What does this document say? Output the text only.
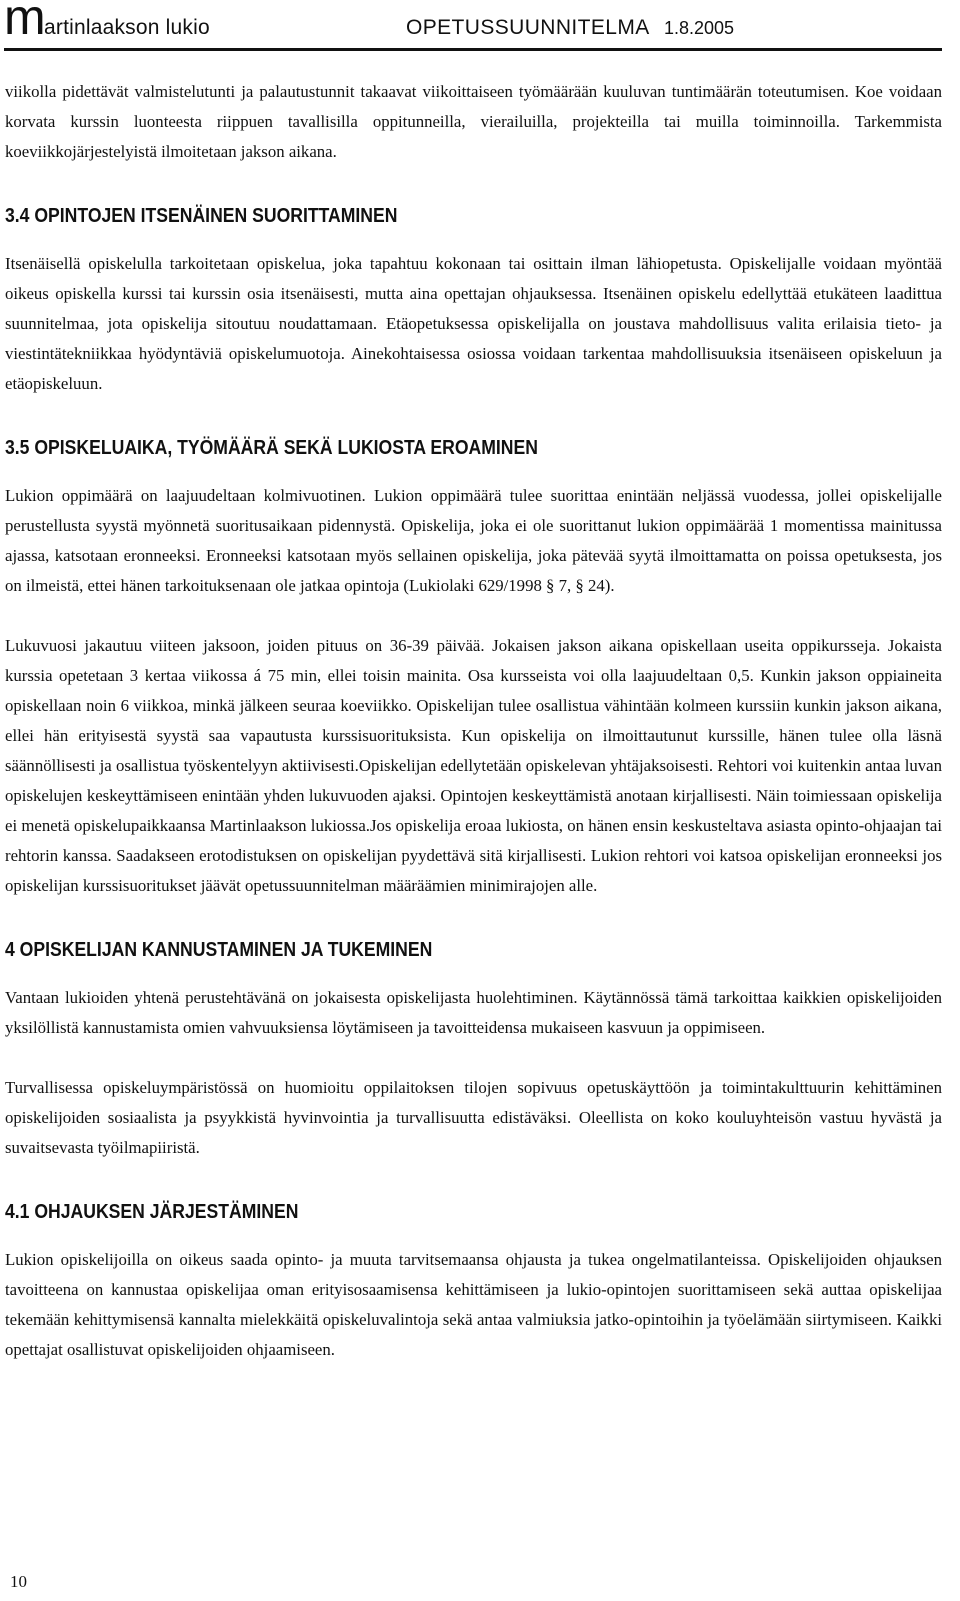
m
artinlaakson lukio	OPETUSSUUNNITELMA 1.8.2005

viikolla pidettävät valmistelutunti ja palautustunnit takaavat viikoittaiseen työmäärään kuuluvan tuntimäärän toteutumisen. Koe voidaan korvata kurssin luonteesta riippuen tavallisilla oppitunneilla, vierailuilla, projekteilla tai muilla toiminnoilla. Tarkemmista koeviikkojärjestelyistä ilmoitetaan jakson aikana.

3.4 OPINTOJEN ITSENÄINEN SUORITTAMINEN

Itsenäisellä opiskelulla tarkoitetaan opiskelua, joka tapahtuu kokonaan tai osittain ilman lähiopetusta. Opiskelijalle voidaan myöntää oikeus opiskella kurssi tai kurssin osia itsenäisesti, mutta aina opettajan ohjauksessa. Itsenäinen opiskelu edellyttää etukäteen laadittua suunnitelmaa, jota opiskelija sitoutuu noudattamaan. Etäopetuksessa opiskelijalla on joustava mahdollisuus valita erilaisia tieto- ja viestintätekniikkaa hyödyntäviä opiskelumuotoja. Ainekohtaisessa osiossa voidaan tarkentaa mahdollisuuksia itsenäiseen opiskeluun ja etäopiskeluun.

3.5 OPISKELUAIKA, TYÖMÄÄRÄ SEKÄ LUKIOSTA EROAMINEN

Lukion oppimäärä on laajuudeltaan kolmivuotinen. Lukion oppimäärä tulee suorittaa enintään neljässä vuodessa, jollei opiskelijalle perustellusta syystä myönnetä suoritusaikaan pidennystä. Opiskelija, joka ei ole suorittanut lukion oppimäärää 1 momentissa mainitussa ajassa, katsotaan eronneeksi. Eronneeksi katsotaan myös sellainen opiskelija, joka pätevää syytä ilmoittamatta on poissa opetuksesta, jos on ilmeistä, ettei hänen tarkoituksenaan ole jatkaa opintoja (Lukiolaki 629/1998 § 7, § 24).

Lukuvuosi jakautuu viiteen jaksoon, joiden pituus on 36-39 päivää. Jokaisen jakson aikana opiskellaan useita oppikursseja. Jokaista kurssia opetetaan 3 kertaa viikossa á 75 min, ellei toisin mainita. Osa kursseista voi olla laajuudeltaan 0,5. Kunkin jakson oppiaineita opiskellaan noin 6 viikkoa, minkä jälkeen seuraa koeviikko. Opiskelijan tulee osallistua vähintään kolmeen kurssiin kunkin jakson aikana, ellei hän erityisestä syystä saa vapautusta kurssisuorituksista. Kun opiskelija on ilmoittautunut kurssille, hänen tulee olla läsnä säännöllisesti ja osallistua työskentelyyn aktiivisesti.Opiskelijan edellytetään opiskelevan yhtäjaksoisesti. Rehtori voi kuitenkin antaa luvan opiskelujen keskeyttämiseen enintään yhden lukuvuoden ajaksi. Opintojen keskeyttämistä anotaan kirjallisesti. Näin toimiessaan opiskelija ei menetä opiskelupaikkaansa Martinlaakson lukiossa.Jos opiskelija eroaa lukiosta, on hänen ensin keskusteltava asiasta opinto-ohjaajan tai rehtorin kanssa. Saadakseen erotodistuksen on opiskelijan pyydettävä sitä kirjallisesti. Lukion rehtori voi katsoa opiskelijan eronneeksi jos opiskelijan kurssisuoritukset jäävät opetussuunnitelman määräämien minimirajojen alle.

4 OPISKELIJAN KANNUSTAMINEN JA TUKEMINEN

Vantaan lukioiden yhtenä perustehtävänä on jokaisesta opiskelijasta huolehtiminen. Käytännössä tämä tarkoittaa kaikkien opiskelijoiden yksilöllistä kannustamista omien vahvuuksiensa löytämiseen ja tavoitteidensa mukaiseen kasvuun ja oppimiseen.

Turvallisessa opiskeluympäristössä on huomioitu oppilaitoksen tilojen sopivuus opetuskäyttöön ja toimintakulttuurin kehittäminen opiskelijoiden sosiaalista ja psyykkistä hyvinvointia ja turvallisuutta edistäväksi. Oleellista on koko kouluyhteisön vastuu hyvästä ja suvaitsevasta työilmapiiristä.

4.1 OHJAUKSEN JÄRJESTÄMINEN

Lukion opiskelijoilla on oikeus saada opinto- ja muuta tarvitsemaansa ohjausta ja tukea ongelmatilanteissa. Opiskelijoiden ohjauksen tavoitteena on kannustaa opiskelijaa oman erityisosaamisensa kehittämiseen ja lukio-opintojen suorittamiseen sekä auttaa opiskelijaa tekemään kehittymisensä kannalta mielekkäitä opiskeluvalintoja sekä antaa valmiuksia jatko-opintoihin ja työelämään siirtymiseen. Kaikki opettajat osallistuvat opiskelijoiden ohjaamiseen.

10
